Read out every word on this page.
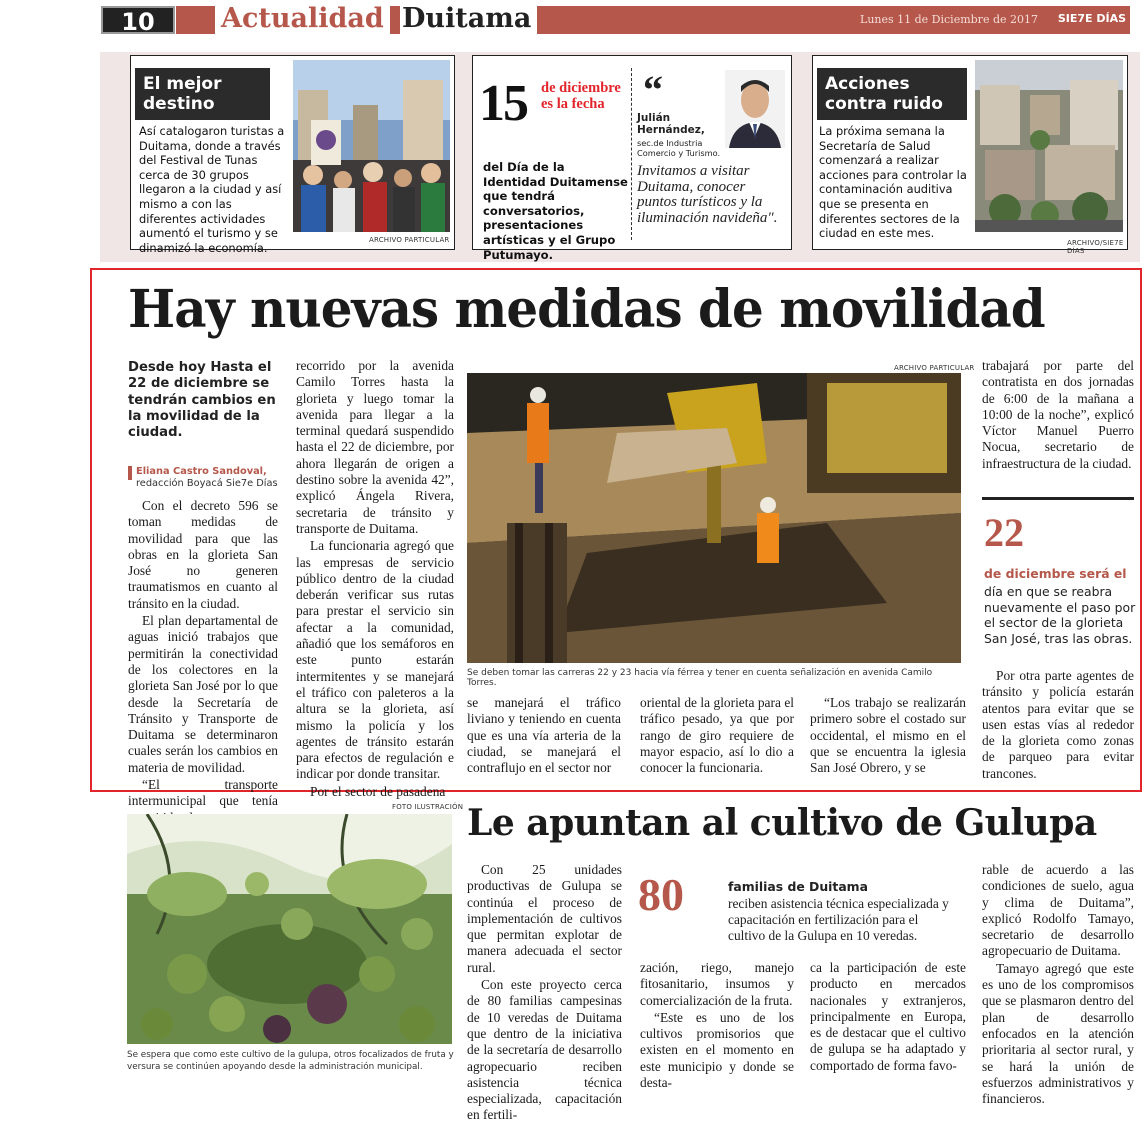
10	Actualidad Duitama	Lunes 11 de Diciembre de 2017 SIE7E DÍAS
El mejor destino
Así catalogaron turistas a Duitama, donde a través del Festival de Tunas cerca de 30 grupos llegaron a la ciudad y así mismo a con las diferentes actividades aumentó el turismo y se dinamizó la economía.
ARCHIVO PARTICULAR
15 de diciembre es la fecha
del Día de la Identidad Duitamense que tendrá conversatorios, presentaciones artísticas y el Grupo Putumayo.
“
Julián Hernández,
sec.de Industria Comercio y Turismo.
Invitamos a visitar Duitama, conocer puntos turísticos y la iluminación navideña".
Acciones contra ruido
La próxima semana la Secretaría de Salud comenzará a realizar acciones para controlar la contaminación auditiva que se presenta en diferentes sectores de la ciudad en este mes.
ARCHIVO/SIE7E DÍAS
Hay nuevas medidas de movilidad
Desde hoy Hasta el 22 de diciembre se tendrán cambios en la movilidad de la ciudad.
Eliana Castro Sandoval,
redacción Boyacá Sie7e Días

Con el decreto 596 se toman medidas de movilidad para que las obras en la glorieta San José no generen traumatismos en cuanto al tránsito en la ciudad.

El plan departamental de aguas inició trabajos que permitirán la conectividad de los colectores en la glorieta San José por lo que desde la Secretaría de Tránsito y Transporte de Duitama se determinaron cuales serán los cambios en materia de movilidad.

“El transporte intermunicipal que tenía

recorrido por la avenida Camilo Torres hasta la glorieta y luego tomar la avenida para llegar a la terminal quedará suspendido hasta el 22 de diciembre, por ahora llegarán de origen a destino sobre la avenida 42”, explicó Ángela Rivera, secretaria de tránsito y transporte de Duitama.

La funcionaria agregó que las empresas de servicio público dentro de la ciudad deberán verificar sus rutas para prestar el servicio sin afectar a la comunidad, añadió que los semáforos en este punto estarán intermitentes y se manejará el tráfico con paleteros a la altura se la glorieta, así mismo la policía y los agentes de tránsito estarán para efectos de regulación e indicar por donde transitar.

Por el sector de pasadena

ARCHIVO PARTICULAR
Se deben tomar las carreras 22 y 23 hacia vía férrea y tener en cuenta señalización en avenida Camilo Torres.

se manejará el tráfico liviano y teniendo en cuenta que es una vía arteria de la ciudad, se manejará el contraflujo en el sector nor

oriental de la glorieta para el tráfico pesado, ya que por rango de giro requiere de mayor espacio, así lo dio a conocer la funcionaria.

“Los trabajo se realizarán primero sobre el costado sur occidental, el mismo en el que se encuentra la iglesia San José Obrero, y se

trabajará por parte del contratista en dos jornadas de 6:00 de la mañana a 10:00 de la noche”, explicó Víctor Manuel Puerro Nocua, secretario de infraestructura de la ciudad.

22
de diciembre será el
día en que se reabra nuevamente el paso por el sector de la glorieta San José, tras las obras.

Por otra parte agentes de tránsito y policía estarán atentos para evitar que se usen estas vías al rededor de la glorieta como zonas de parqueo para evitar trancones.

FOTO ILUSTRACIÓN
Se espera que como este cultivo de la gulupa, otros focalizados de fruta y versura se continúen apoyando desde la administración municipal.
Le apuntan al cultivo de Gulupa

Con 25 unidades productivas de Gulupa se continúa el proceso de implementación de cultivos que permitan explotar de manera adecuada el sector rural.

Con este proyecto cerca de 80 familias campesinas de 10 veredas de Duitama que dentro de la iniciativa de la secretaría de desarrollo agropecuario reciben asistencia técnica especializada, capacitación en fertili-

80	familias de Duitama
reciben asistencia técnica especializada y capacitación en fertilización para el cultivo de la Gulupa en 10 veredas.

zación, riego, manejo fitosanitario, insumos y comercialización de la fruta.

“Este es uno de los cultivos promisorios que existen en el momento en este municipio y donde se desta-

ca la participación de este producto en mercados nacionales y extranjeros, principalmente en Europa, es de destacar que el cultivo de gulupa se ha adaptado y comportado de forma favo-

rable de acuerdo a las condiciones de suelo, agua y clima de Duitama”, explicó Rodolfo Tamayo, secretario de desarrollo agropecuario de Duitama.

Tamayo agregó que este es uno de los compromisos que se plasmaron dentro del plan de desarrollo enfocados en la atención prioritaria al sector rural, y se hará la unión de esfuerzos administrativos y financieros.
